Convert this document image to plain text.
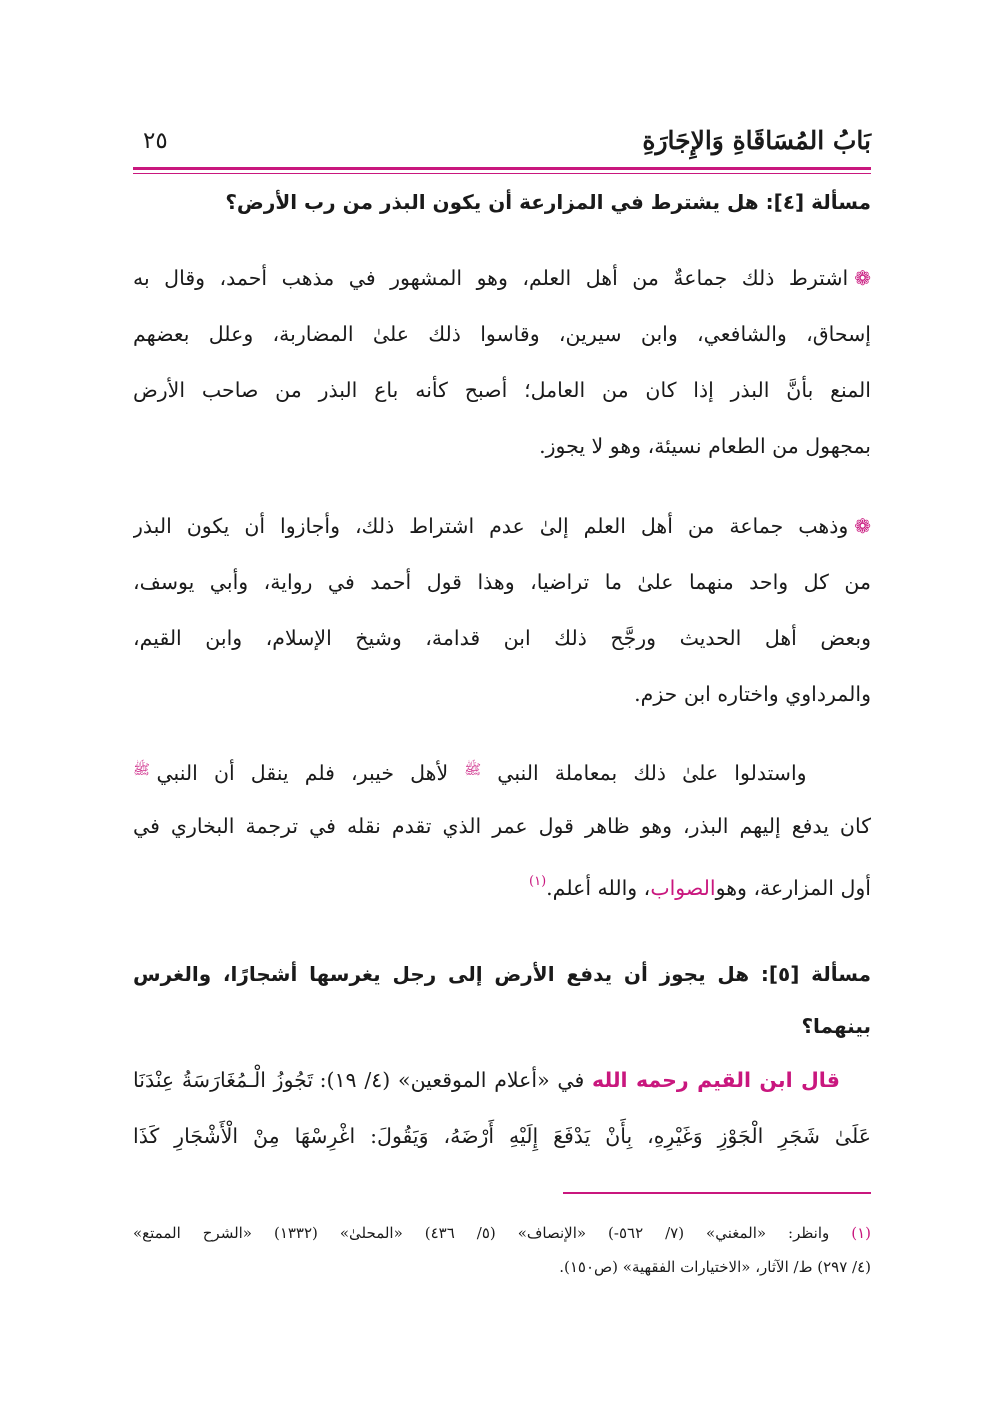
بَابُ المُسَاقَاةِ وَالإِجَارَةِ
٢٥
مسألة [٤]: هل يشترط في المزارعة أن يكون البذر من رب الأرض؟
❁اشترط ذلك جماعةٌ من أهل العلم، وهو المشهور في مذهب أحمد، وقال به
إسحاق، والشافعي، وابن سيرين، وقاسوا ذلك علىٰ المضاربة، وعلل بعضهم
المنع بأنَّ البذر إذا كان من العامل؛ أصبح كأنه باع البذر من صاحب الأرض
بمجهول من الطعام نسيئة، وهو لا يجوز.
❁وذهب جماعة من أهل العلم إلىٰ عدم اشتراط ذلك، وأجازوا أن يكون البذر
من كل واحد منهما علىٰ ما تراضيا، وهذا قول أحمد في رواية، وأبي يوسف،
وبعض أهل الحديث ورجَّح ذلك ابن قدامة، وشيخ الإسلام، وابن القيم،
والمرداوي واختاره ابن حزم.
واستدلوا علىٰ ذلك بمعاملة النبي $^ﷺ$ لأهل خيبر، فلم ينقل أن النبي $^ﷺ$
كان يدفع إليهم البذر، وهو ظاهر قول عمر الذي تقدم نقله في ترجمة البخاري في
أول المزارعة، وهوالصواب، والله أعلم.$^{(١)}$
مسألة [٥]: هل يجوز أن يدفع الأرض إلى رجل يغرسها أشجارًا، والغرس
بينهما؟
قال ابن القيم رحمه الله في «أعلام الموقعين» (٤/ ١٩): تَجُوزُ الْـمُغَارَسَةُ عِنْدَنَا
عَلَىٰ شَجَرِ الْجَوْزِ وَغَيْرِهِ، بِأَنْ يَدْفَعَ إِلَيْهِ أَرْضَهُ، وَيَقُولَ: اغْرِسْهَا مِنْ الْأَشْجَارِ كَذَا
(١) وانظر: «المغني» (٧/ ٥٦٢-) «الإنصاف» (٥/ ٤٣٦) «المحلیٰ» (١٣٣٢) «الشرح الممتع»
(٤/ ٢٩٧) ط/ الآثار، «الاختيارات الفقهية» (ص١٥٠).
